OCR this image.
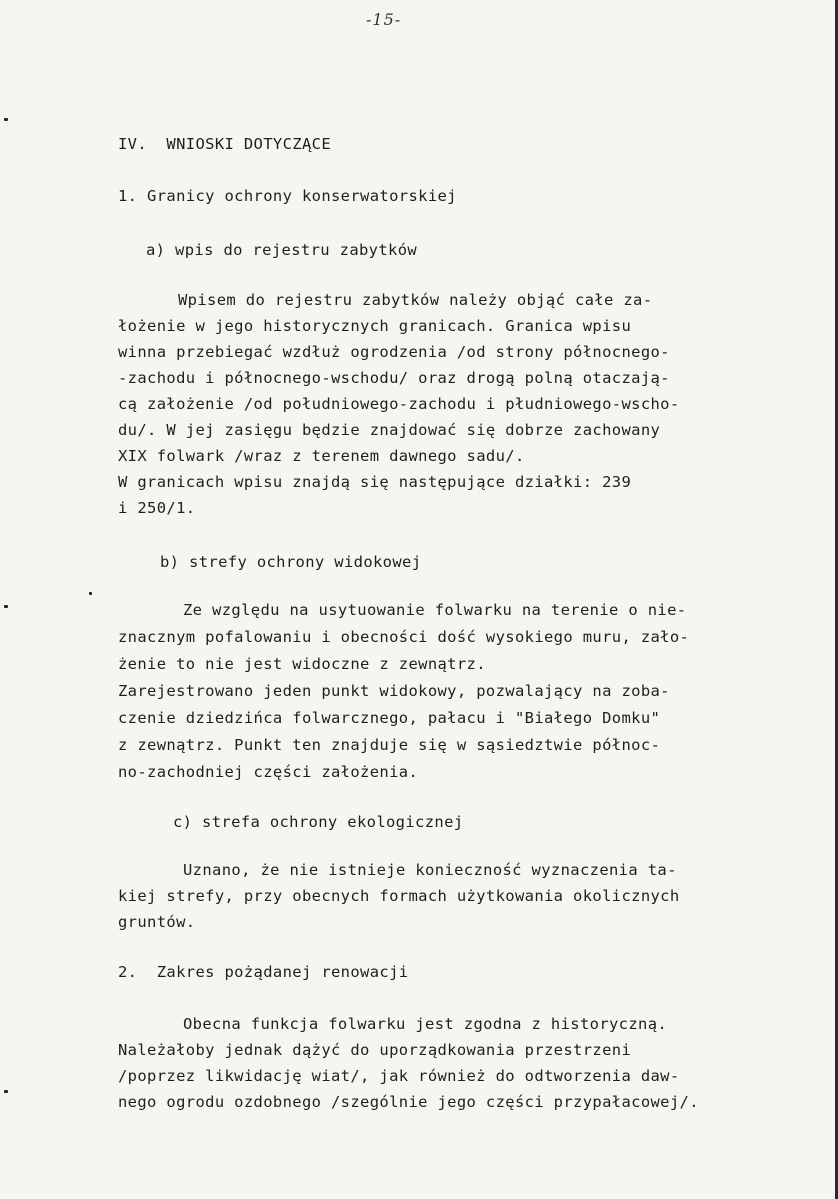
-15-
IV.  WNIOSKI DOTYCZĄCE
1. Granicy ochrony konserwatorskiej
a) wpis do rejestru zabytków
Wpisem do rejestru zabytków należy objąć całe za-
łożenie w jego historycznych granicach. Granica wpisu
winna przebiegać wzdłuż ogrodzenia /od strony północnego-
-zachodu i północnego-wschodu/ oraz drogą polną otaczają-
cą założenie /od południowego-zachodu i płudniowego-wscho-
du/. W jej zasięgu będzie znajdować się dobrze zachowany
XIX folwark /wraz z terenem dawnego sadu/.
W granicach wpisu znajdą się następujące działki: 239
i 250/1.
b) strefy ochrony widokowej
Ze względu na usytuowanie folwarku na terenie o nie-
znacznym pofalowaniu i obecności dość wysokiego muru, zało-
żenie to nie jest widoczne z zewnątrz.
Zarejestrowano jeden punkt widokowy, pozwalający na zoba-
czenie dziedzińca folwarcznego, pałacu i "Białego Domku"
z zewnątrz. Punkt ten znajduje się w sąsiedztwie północ-
no-zachodniej części założenia.
c) strefa ochrony ekologicznej
Uznano, że nie istnieje konieczność wyznaczenia ta-
kiej strefy, przy obecnych formach użytkowania okolicznych
gruntów.
2.  Zakres pożądanej renowacji
Obecna funkcja folwarku jest zgodna z historyczną.
Należałoby jednak dążyć do uporządkowania przestrzeni
/poprzez likwidację wiat/, jak również do odtworzenia daw-
nego ogrodu ozdobnego /szególnie jego części przypałacowej/.
